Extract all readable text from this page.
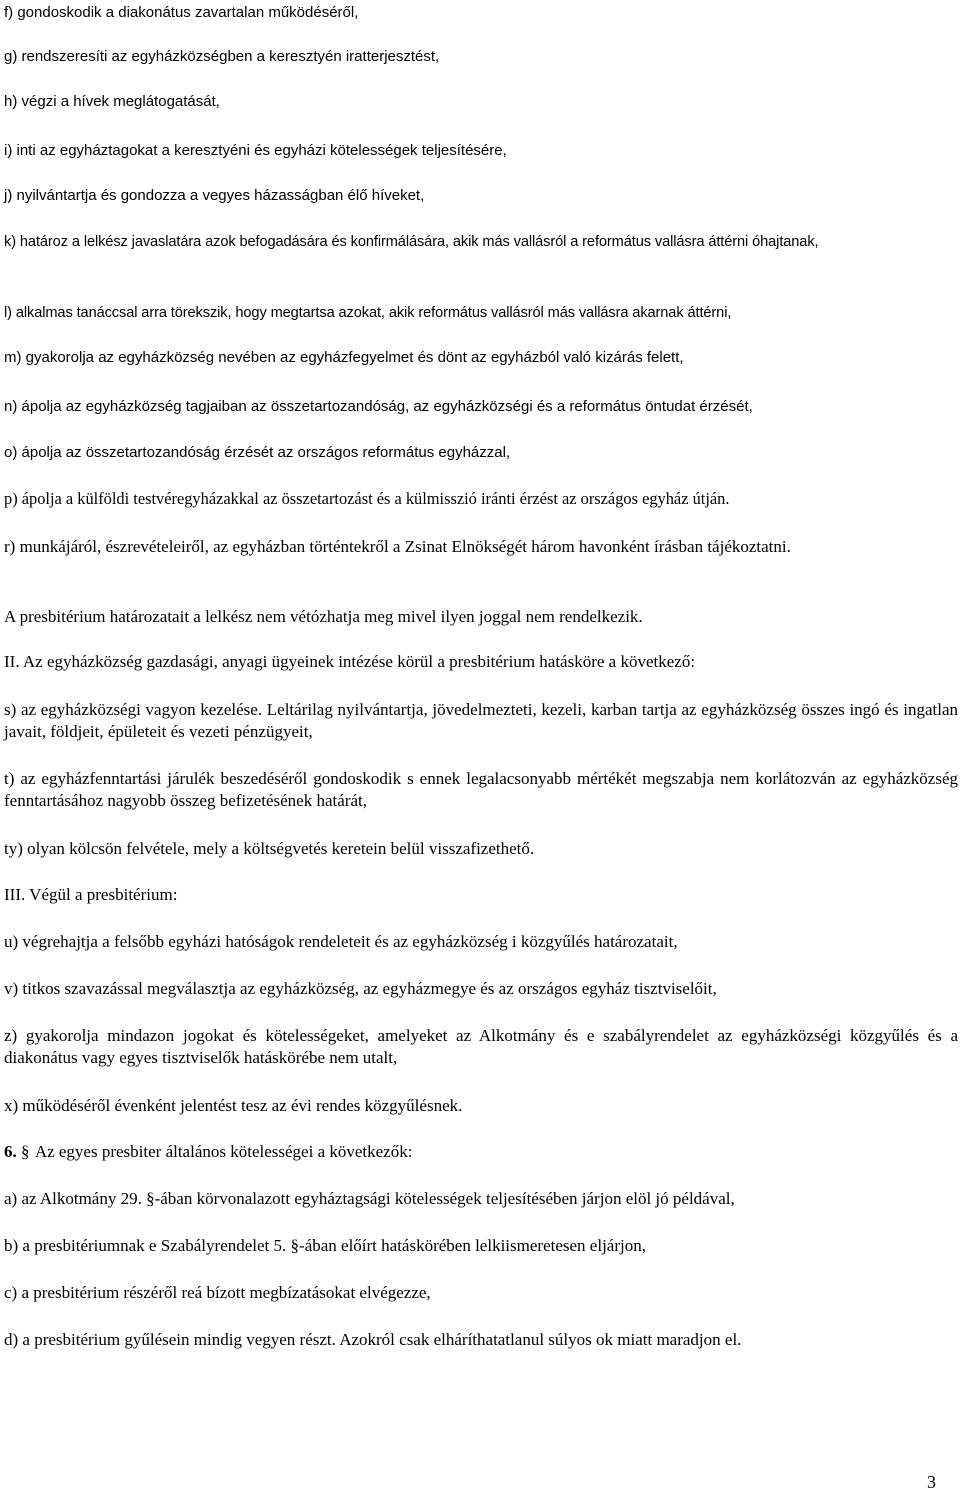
f) gondoskodik a diakonátus zavartalan működéséről,

g) rendszeresíti az egyházközségben a keresztyén iratterjesztést,

h) végzi a hívek meglátogatását,

i) inti az egyháztagokat a keresztyéni és egyházi kötelességek teljesítésére,

j) nyilvántartja és gondozza a vegyes házasságban élő híveket,

k) határoz a lelkész javaslatára azok befogadására és konfirmálására, akik más vallásról a református vallásra áttérni óhajtanak,

l) alkalmas tanáccsal arra törekszik, hogy megtartsa azokat, akik református vallásról más vallásra akarnak áttérni,

m) gyakorolja az egyházközség nevében az egyházfegyelmet és dönt az egyházból való kizárás felett,

n) ápolja az egyházközség tagjaiban az összetartozandóság, az egyházközségi és a református öntudat érzését,

o) ápolja az összetartozandóság érzését az országos református egyházzal,

p) ápolja a külföldi testvéregyházakkal az összetartozást és a külmisszió iránti érzést az országos egyház útján.

r) munkájáról, észrevételeiről, az egyházban történtekről a Zsinat Elnökségét három havonként írásban tájékoztatni.

A presbitérium határozatait a lelkész nem vétózhatja meg mivel ilyen joggal nem rendelkezik.

II. Az egyházközség gazdasági, anyagi ügyeinek intézése körül a presbitérium hatásköre a következő:

s) az egyházközségi vagyon kezelése. Leltárilag nyilvántartja, jövedelmezteti, kezeli, karban tartja az egyházközség összes ingó és ingatlan javait, földjeit, épületeit és vezeti pénzügyeit,

t) az egyházfenntartási járulék beszedéséről gondoskodik s ennek legalacsonyabb mértékét megszabja nem korlátozván az egyházközség fenntartásához nagyobb összeg befizetésének határát,

ty) olyan kölcsön felvétele, mely a költségvetés keretein belül visszafizethető.

III. Végül a presbitérium:

u) végrehajtja a felsőbb egyházi hatóságok rendeleteit és az egyházközség i közgyűlés határozatait,

v) titkos szavazással megválasztja az egyházközség, az egyházmegye és az országos egyház tisztviselőit,

z) gyakorolja mindazon jogokat és kötelességeket, amelyeket az Alkotmány és e szabályrendelet az egyházközségi közgyűlés és a diakonátus vagy egyes tisztviselők hatáskörébe nem utalt,

x) működéséről évenként jelentést tesz az évi rendes közgyűlésnek.

6. § Az egyes presbiter általános kötelességei a következők:

a) az Alkotmány 29. §-ában körvonalazott egyháztagsági kötelességek teljesítésében járjon elöl jó példával,

b) a presbitériumnak e Szabályrendelet 5. §-ában előírt hatáskörében lelkiismeretesen eljárjon,

c) a presbitérium részéről reá bízott megbízatásokat elvégezze,

d) a presbitérium gyűlésein mindig vegyen részt. Azokról csak elháríthatatlanul súlyos ok miatt maradjon el.

3
